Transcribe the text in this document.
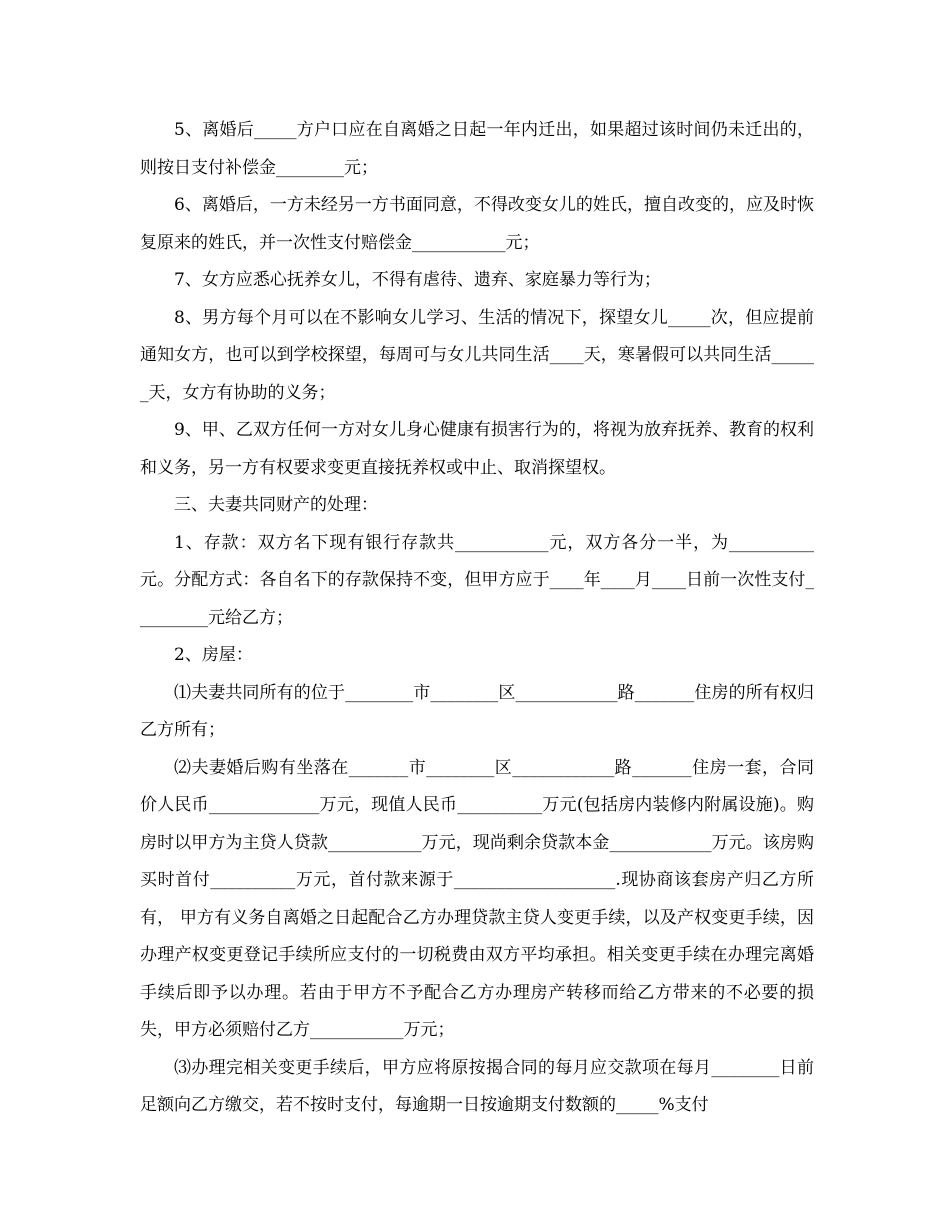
5、离婚后_____方户口应在自离婚之日起一年内迁出，如果超过该时间仍未迁出的，则按日支付补偿金________元；

6、离婚后，一方未经另一方书面同意，不得改变女儿的姓氏，擅自改变的，应及时恢复原来的姓氏，并一次性支付赔偿金___________元；

7、女方应悉心抚养女儿，不得有虐待、遗弃、家庭暴力等行为；

8、男方每个月可以在不影响女儿学习、生活的情况下，探望女儿_____次，但应提前通知女方，也可以到学校探望，每周可与女儿共同生活____天，寒暑假可以共同生活______天，女方有协助的义务；

9、甲、乙双方任何一方对女儿身心健康有损害行为的，将视为放弃抚养、教育的权利和义务，另一方有权要求变更直接抚养权或中止、取消探望权。

三、夫妻共同财产的处理：

1、存款：双方名下现有银行存款共___________元，双方各分一半，为__________元。分配方式：各自名下的存款保持不变，但甲方应于____年____月____日前一次性支付_________元给乙方；

2、房屋：

⑴夫妻共同所有的位于________市________区____________路_______住房的所有权归乙方所有；

⑵夫妻婚后购有坐落在_______市________区____________路_______住房一套，合同价人民币_____________万元，现值人民币__________万元(包括房内装修内附属设施)。购房时以甲方为主贷人贷款___________万元，现尚剩余贷款本金____________万元。该房购买时首付__________万元，首付款来源于___________________.现协商该套房产归乙方所有， 甲方有义务自离婚之日起配合乙方办理贷款主贷人变更手续，以及产权变更手续，因办理产权变更登记手续所应支付的一切税费由双方平均承担。相关变更手续在办理完离婚手续后即予以办理。若由于甲方不予配合乙方办理房产转移而给乙方带来的不必要的损失，甲方必须赔付乙方___________万元；

⑶办理完相关变更手续后，甲方应将原按揭合同的每月应交款项在每月________日前足额向乙方缴交，若不按时支付，每逾期一日按逾期支付数额的_____%支付
